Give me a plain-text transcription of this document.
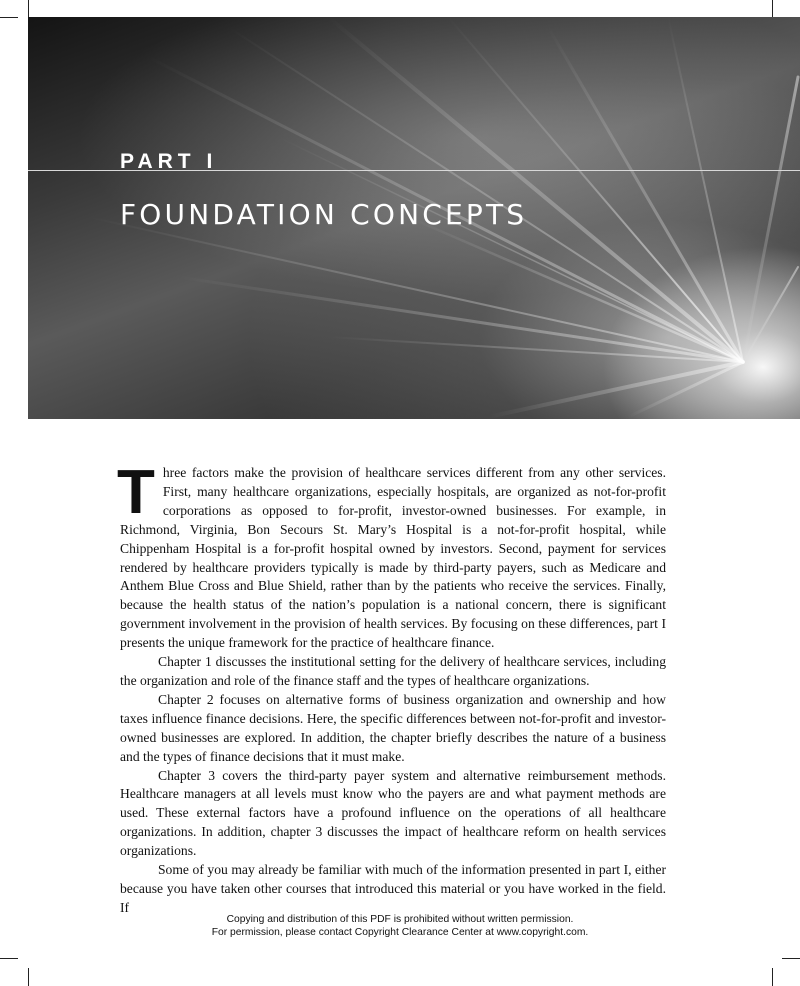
PART I
FOUNDATION CONCEPTS

Three factors make the provision of healthcare services different from any other services. First, many healthcare organizations, especially hospitals, are organized as not-for-profit corporations as opposed to for-profit, investor-owned businesses. For example, in Richmond, Virginia, Bon Secours St. Mary’s Hospital is a not-for-profit hospital, while Chippenham Hospital is a for-profit hospital owned by investors. Second, payment for services rendered by healthcare providers typically is made by third-party payers, such as Medicare and Anthem Blue Cross and Blue Shield, rather than by the patients who receive the services. Finally, because the health status of the nation’s population is a national concern, there is significant government involvement in the provision of health services. By focusing on these differences, part I presents the unique framework for the practice of healthcare finance.

Chapter 1 discusses the institutional setting for the delivery of healthcare services, including the organization and role of the finance staff and the types of healthcare organizations.

Chapter 2 focuses on alternative forms of business organization and ownership and how taxes influence finance decisions. Here, the specific differences between not-for-profit and investor-owned businesses are explored. In addition, the chapter briefly describes the nature of a business and the types of finance decisions that it must make.

Chapter 3 covers the third-party payer system and alternative reimbursement methods. Healthcare managers at all levels must know who the payers are and what payment methods are used. These external factors have a profound influence on the operations of all healthcare organizations. In addition, chapter 3 discusses the impact of healthcare reform on health services organizations.

Some of you may already be familiar with much of the information presented in part I, either because you have taken other courses that introduced this material or you have worked in the field. If

Copying and distribution of this PDF is prohibited without written permission.
For permission, please contact Copyright Clearance Center at www.copyright.com.
